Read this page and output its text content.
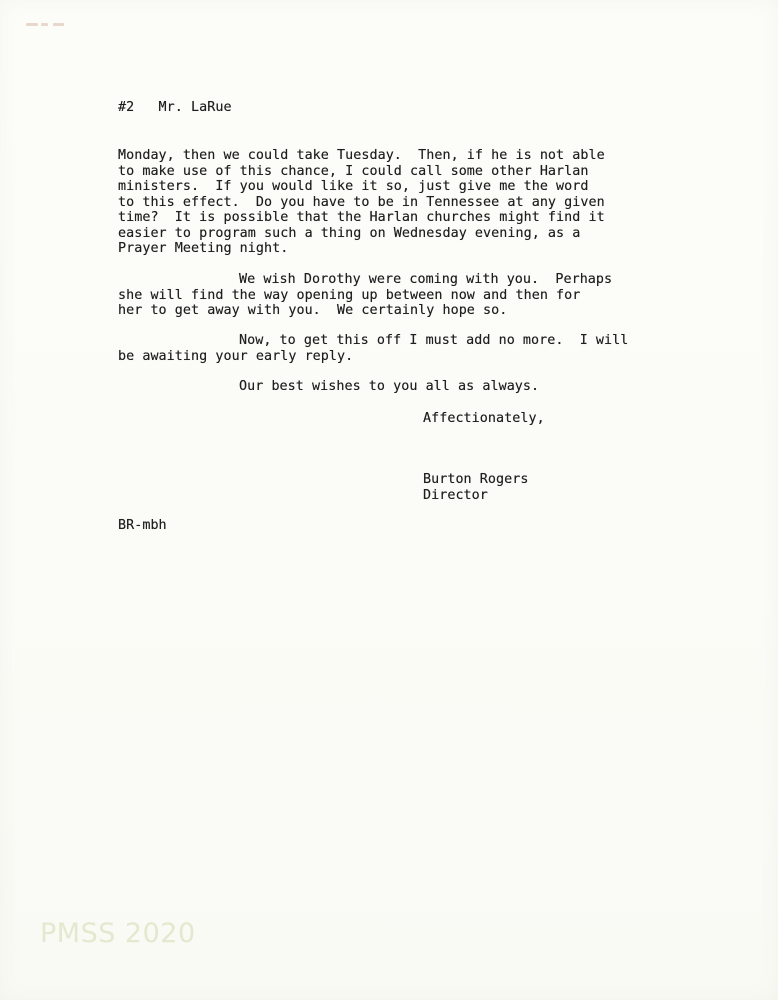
#2   Mr. LaRue

Monday, then we could take Tuesday.  Then, if he is not able

to make use of this chance, I could call some other Harlan

ministers.  If you would like it so, just give me the word

to this effect.  Do you have to be in Tennessee at any given

time?  It is possible that the Harlan churches might find it

easier to program such a thing on Wednesday evening, as a

Prayer Meeting night.

We wish Dorothy were coming with you.  Perhaps

she will find the way opening up between now and then for

her to get away with you.  We certainly hope so.

Now, to get this off I must add no more.  I will

be awaiting your early reply.

Our best wishes to you all as always.
Affectionately,
Burton Rogers
Director
BR-mbh
PMSS 2020
